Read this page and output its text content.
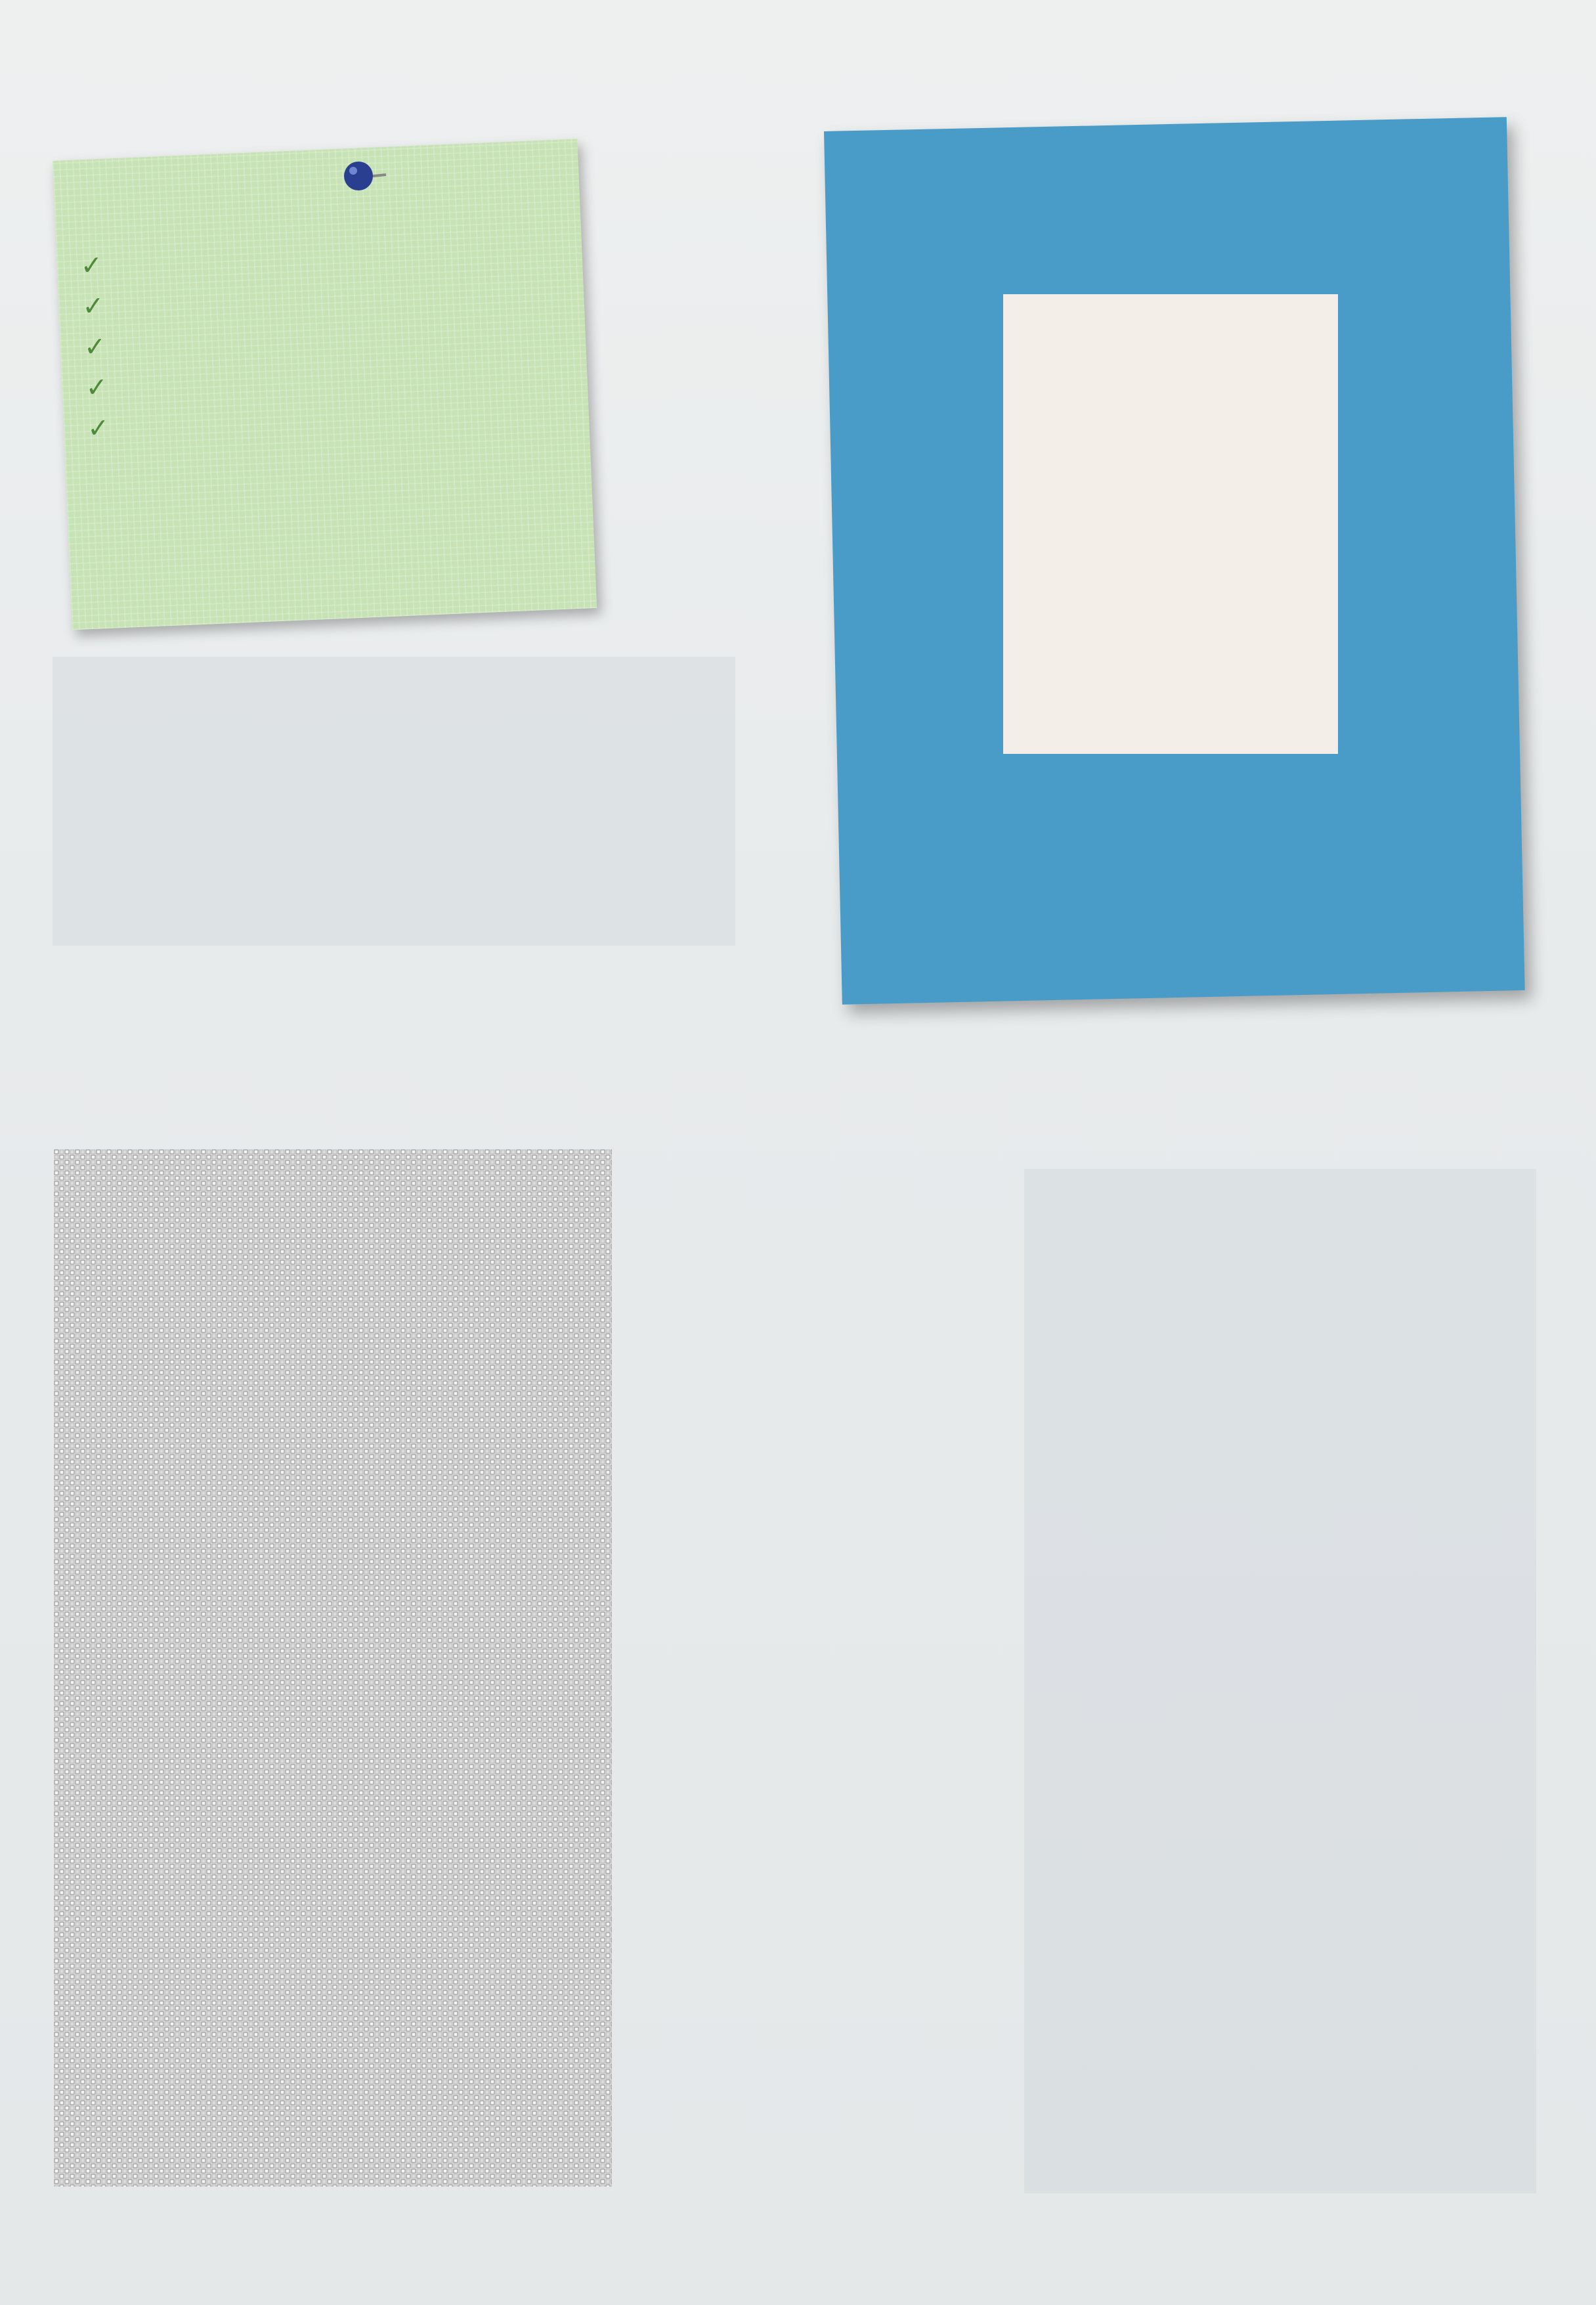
✓
✓
✓
✓
✓
